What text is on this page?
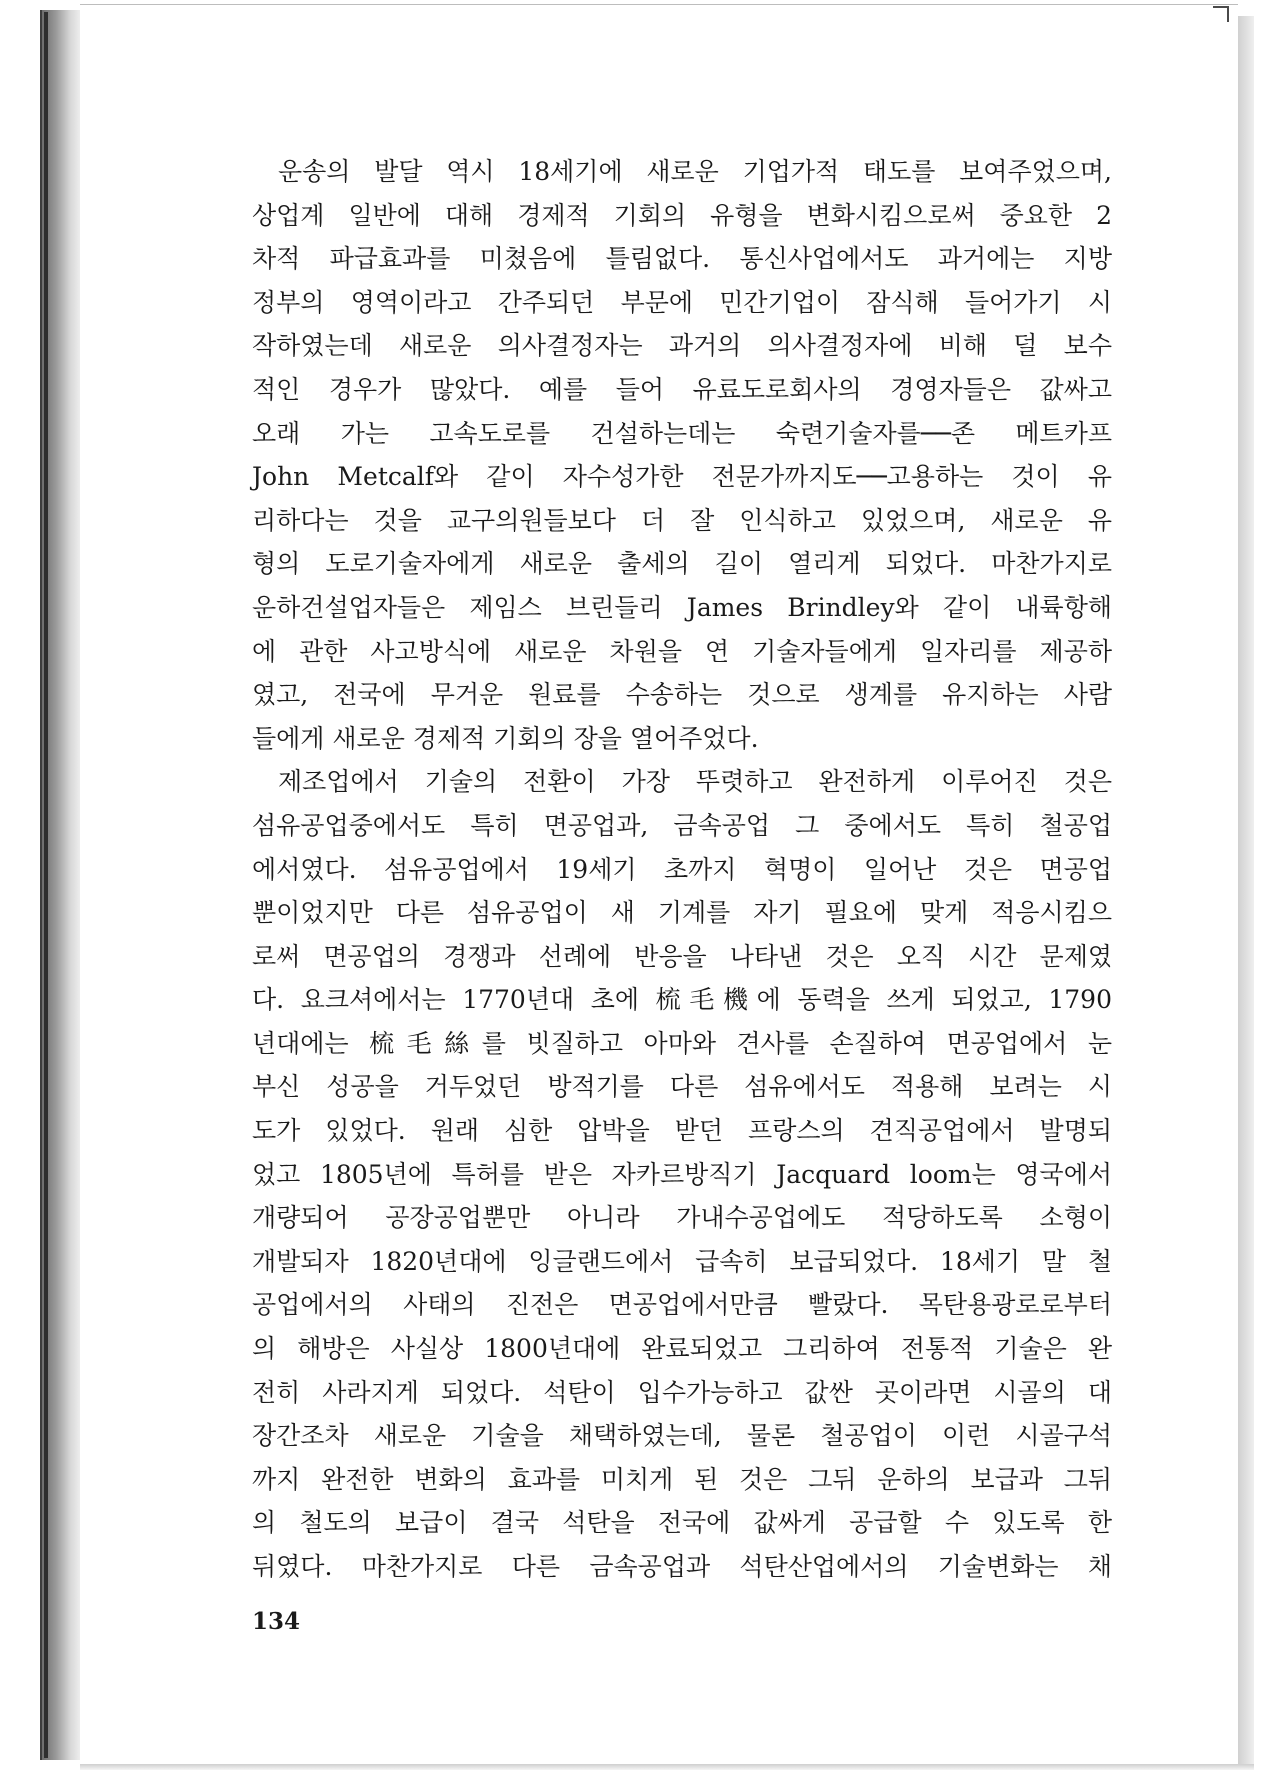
운송의 발달 역시 18세기에 새로운 기업가적 태도를 보여주었으며,
상업계 일반에 대해 경제적 기회의 유형을 변화시킴으로써 중요한 2
차적 파급효과를 미쳤음에 틀림없다. 통신사업에서도 과거에는 지방
정부의 영역이라고 간주되던 부문에 민간기업이 잠식해 들어가기 시
작하였는데 새로운 의사결정자는 과거의 의사결정자에 비해 덜 보수
적인 경우가 많았다. 예를 들어 유료도로회사의 경영자들은 값싸고
오래 가는 고속도로를 건설하는데는 숙련기술자를──존 메트카프
John Metcalf와 같이 자수성가한 전문가까지도──고용하는 것이 유
리하다는 것을 교구의원들보다 더 잘 인식하고 있었으며, 새로운 유
형의 도로기술자에게 새로운 출세의 길이 열리게 되었다. 마찬가지로
운하건설업자들은 제임스 브린들리 James Brindley와 같이 내륙항해
에 관한 사고방식에 새로운 차원을 연 기술자들에게 일자리를 제공하
였고, 전국에 무거운 원료를 수송하는 것으로 생계를 유지하는 사람
들에게 새로운 경제적 기회의 장을 열어주었다.
제조업에서 기술의 전환이 가장 뚜렷하고 완전하게 이루어진 것은
섬유공업중에서도 특히 면공업과, 금속공업 그 중에서도 특히 철공업
에서였다. 섬유공업에서 19세기 초까지 혁명이 일어난 것은 면공업
뿐이었지만 다른 섬유공업이 새 기계를 자기 필요에 맞게 적응시킴으
로써 면공업의 경쟁과 선례에 반응을 나타낸 것은 오직 시간 문제였
다. 요크셔에서는 1770년대 초에 梳毛機에 동력을 쓰게 되었고, 1790
년대에는 梳毛絲를 빗질하고 아마와 견사를 손질하여 면공업에서 눈
부신 성공을 거두었던 방적기를 다른 섬유에서도 적용해 보려는 시
도가 있었다. 원래 심한 압박을 받던 프랑스의 견직공업에서 발명되
었고 1805년에 특허를 받은 자카르방직기 Jacquard loom는 영국에서
개량되어 공장공업뿐만 아니라 가내수공업에도 적당하도록 소형이
개발되자 1820년대에 잉글랜드에서 급속히 보급되었다. 18세기 말 철
공업에서의 사태의 진전은 면공업에서만큼 빨랐다. 목탄용광로로부터
의 해방은 사실상 1800년대에 완료되었고 그리하여 전통적 기술은 완
전히 사라지게 되었다. 석탄이 입수가능하고 값싼 곳이라면 시골의 대
장간조차 새로운 기술을 채택하였는데, 물론 철공업이 이런 시골구석
까지 완전한 변화의 효과를 미치게 된 것은 그뒤 운하의 보급과 그뒤
의 철도의 보급이 결국 석탄을 전국에 값싸게 공급할 수 있도록 한
뒤였다. 마찬가지로 다른 금속공업과 석탄산업에서의 기술변화는 채
134
